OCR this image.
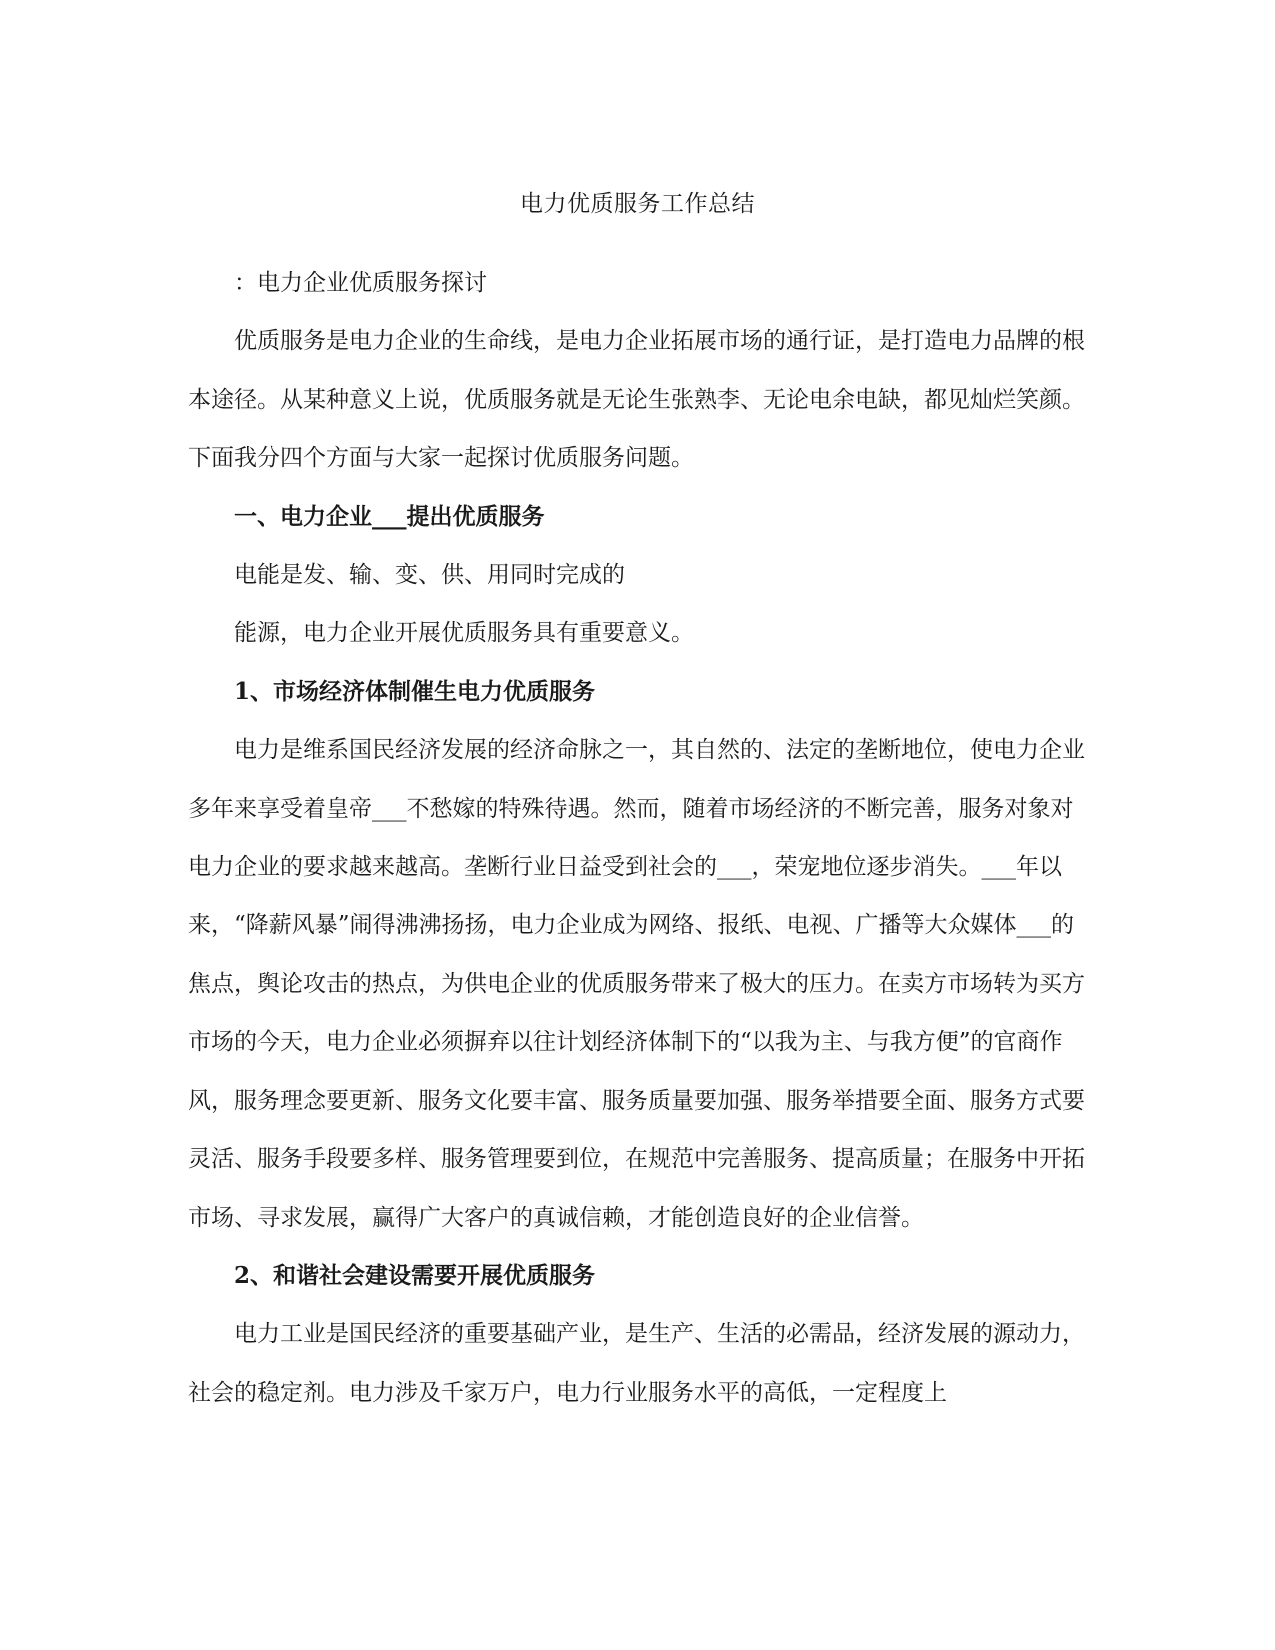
电力优质服务工作总结

：电力企业优质服务探讨

优质服务是电力企业的生命线，是电力企业拓展市场的通行证，是打造电力品牌的根本途径。从某种意义上说，优质服务就是无论生张熟李、无论电余电缺，都见灿烂笑颜。下面我分四个方面与大家一起探讨优质服务问题。

一、电力企业___提出优质服务

电能是发、输、变、供、用同时完成的

能源，电力企业开展优质服务具有重要意义。

1、市场经济体制催生电力优质服务

电力是维系国民经济发展的经济命脉之一，其自然的、法定的垄断地位，使电力企业多年来享受着皇帝___不愁嫁的特殊待遇。然而，随着市场经济的不断完善，服务对象对电力企业的要求越来越高。垄断行业日益受到社会的___，荣宠地位逐步消失。___年以来，“降薪风暴”闹得沸沸扬扬，电力企业成为网络、报纸、电视、广播等大众媒体___的焦点，舆论攻击的热点，为供电企业的优质服务带来了极大的压力。在卖方市场转为买方市场的今天，电力企业必须摒弃以往计划经济体制下的“以我为主、与我方便”的官商作风，服务理念要更新、服务文化要丰富、服务质量要加强、服务举措要全面、服务方式要灵活、服务手段要多样、服务管理要到位，在规范中完善服务、提高质量；在服务中开拓市场、寻求发展，赢得广大客户的真诚信赖，才能创造良好的企业信誉。

2、和谐社会建设需要开展优质服务

电力工业是国民经济的重要基础产业，是生产、生活的必需品，经济发展的源动力，社会的稳定剂。电力涉及千家万户，电力行业服务水平的高低，一定程度上
